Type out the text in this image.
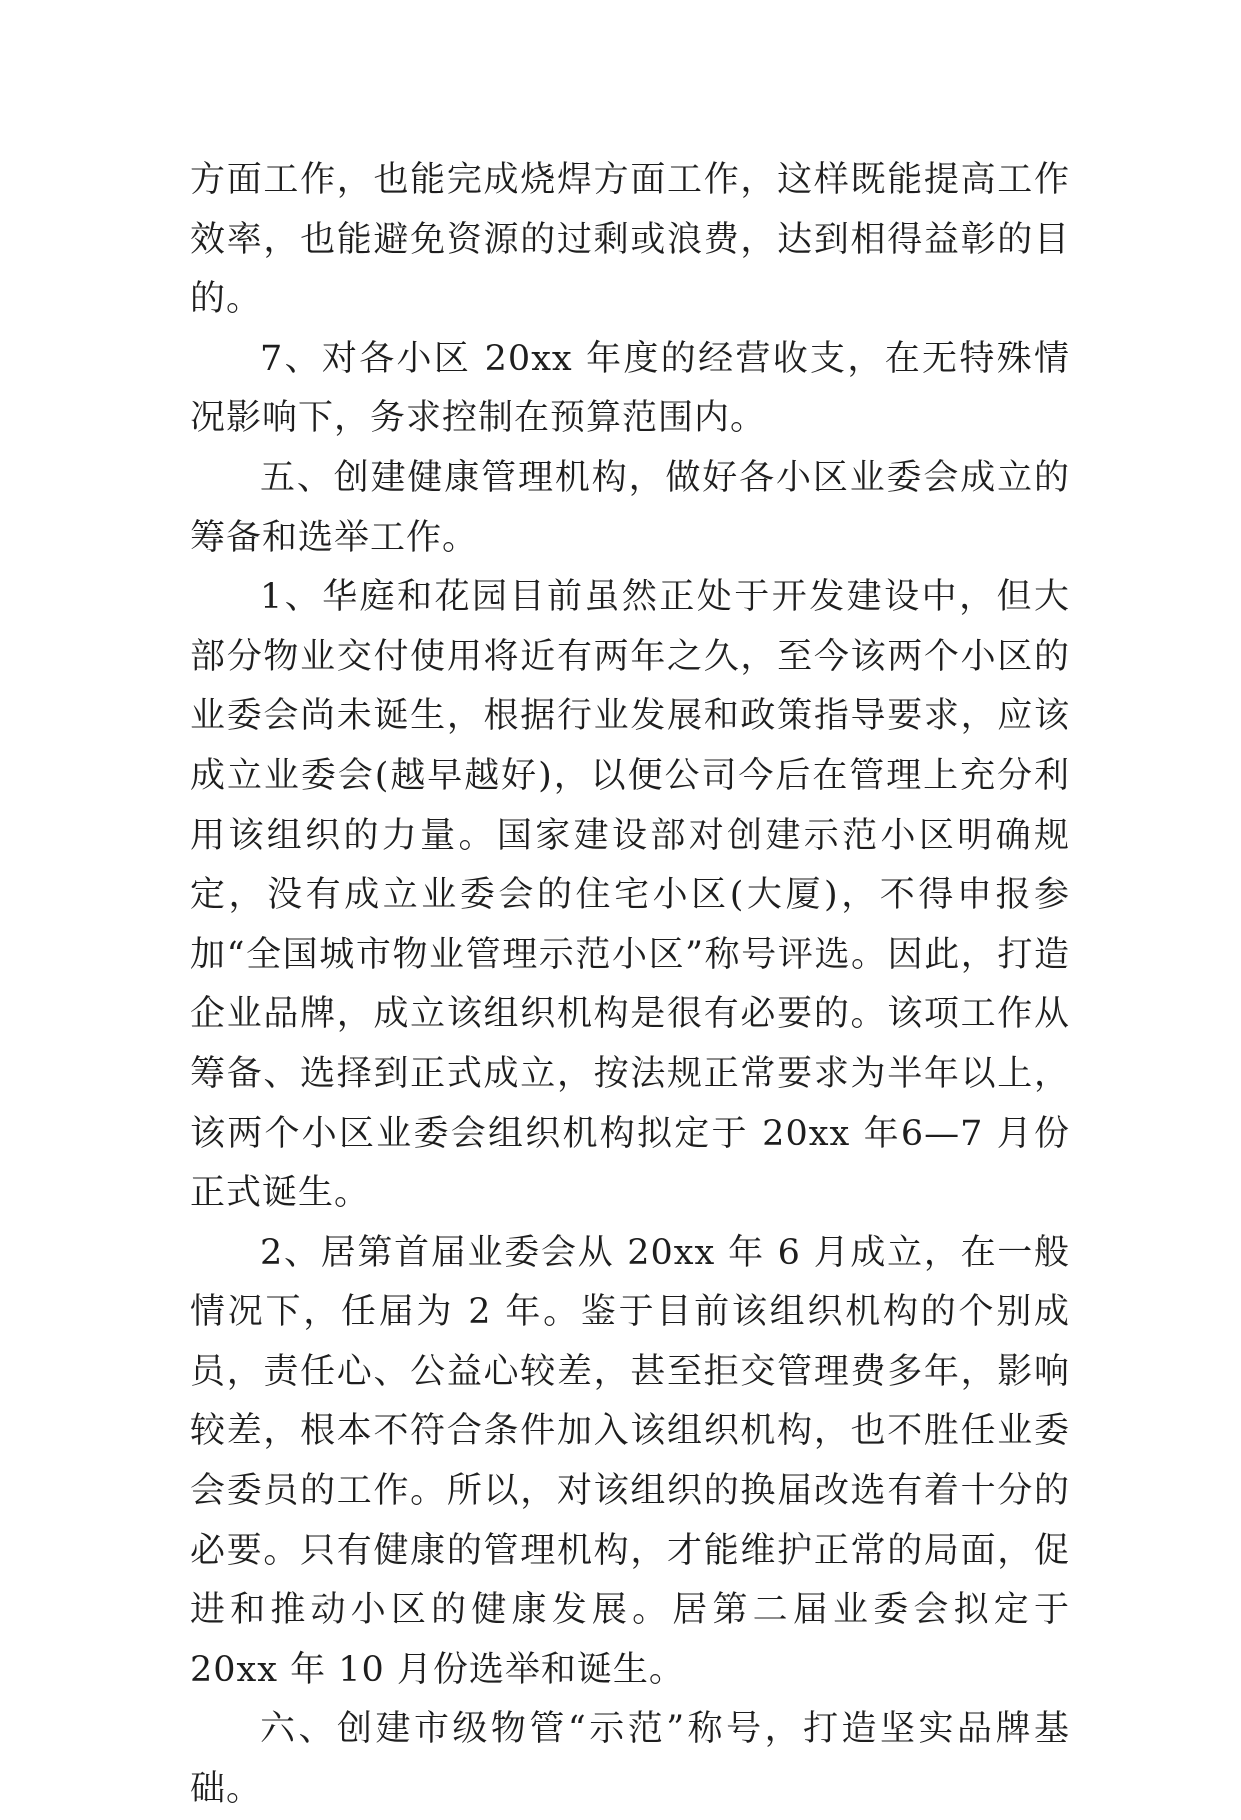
方面工作，也能完成烧焊方面工作，这样既能提高工作效率，也能避免资源的过剩或浪费，达到相得益彰的目的。

7、对各小区 20xx 年度的经营收支，在无特殊情况影响下，务求控制在预算范围内。

五、创建健康管理机构，做好各小区业委会成立的筹备和选举工作。

1、华庭和花园目前虽然正处于开发建设中，但大部分物业交付使用将近有两年之久，至今该两个小区的业委会尚未诞生，根据行业发展和政策指导要求，应该成立业委会(越早越好)，以便公司今后在管理上充分利用该组织的力量。国家建设部对创建示范小区明确规定，没有成立业委会的住宅小区(大厦)，不得申报参加“全国城市物业管理示范小区”称号评选。因此，打造企业品牌，成立该组织机构是很有必要的。该项工作从筹备、选择到正式成立，按法规正常要求为半年以上，该两个小区业委会组织机构拟定于 20xx 年6—7 月份正式诞生。

2、居第首届业委会从 20xx 年 6 月成立，在一般情况下，任届为 2 年。鉴于目前该组织机构的个别成员，责任心、公益心较差，甚至拒交管理费多年，影响较差，根本不符合条件加入该组织机构，也不胜任业委会委员的工作。所以，对该组织的换届改选有着十分的必要。只有健康的管理机构，才能维护正常的局面，促进和推动小区的健康发展。居第二届业委会拟定于 20xx 年 10 月份选举和诞生。

六、创建市级物管“示范”称号，打造坚实品牌基础。
